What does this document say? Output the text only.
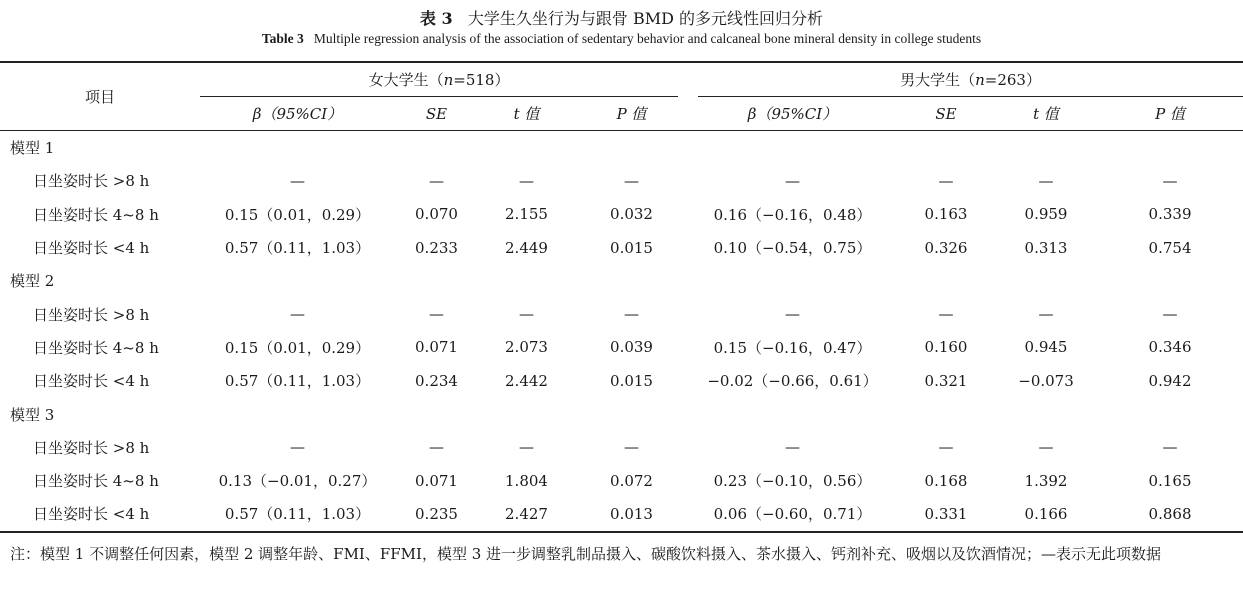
表 3 大学生久坐行为与跟骨 BMD 的多元线性回归分析
Table 3 Multiple regression analysis of the association of sedentary behavior and calcaneal bone mineral density in college students
项目	女大学生（n=518）				男大学生（n=263）			

	β（95%CI）	SE	t 值	P 值	β（95%CI）	SE	t 值	P 值
模型 1								
日坐姿时长 >8 h	—	—	—	—	—	—	—	—
日坐姿时长 4~8 h	0.15（0.01，0.29）	0.070	2.155	0.032	0.16（−0.16，0.48）	0.163	0.959	0.339
日坐姿时长 <4 h	0.57（0.11，1.03）	0.233	2.449	0.015	0.10（−0.54，0.75）	0.326	0.313	0.754
模型 2								
日坐姿时长 >8 h	—	—	—	—	—	—	—	—
日坐姿时长 4~8 h	0.15（0.01，0.29）	0.071	2.073	0.039	0.15（−0.16，0.47）	0.160	0.945	0.346
日坐姿时长 <4 h	0.57（0.11，1.03）	0.234	2.442	0.015	−0.02（−0.66，0.61）	0.321	−0.073	0.942
模型 3								
日坐姿时长 >8 h	—	—	—	—	—	—	—	—
日坐姿时长 4~8 h	0.13（−0.01，0.27）	0.071	1.804	0.072	0.23（−0.10，0.56）	0.168	1.392	0.165
日坐姿时长 <4 h	0.57（0.11，1.03）	0.235	2.427	0.013	0.06（−0.60，0.71）	0.331	0.166	0.868
注：模型 1 不调整任何因素，模型 2 调整年龄、FMI、FFMI，模型 3 进一步调整乳制品摄入、碳酸饮料摄入、茶水摄入、钙剂补充、吸烟以及饮酒情况；—表示无此项数据
